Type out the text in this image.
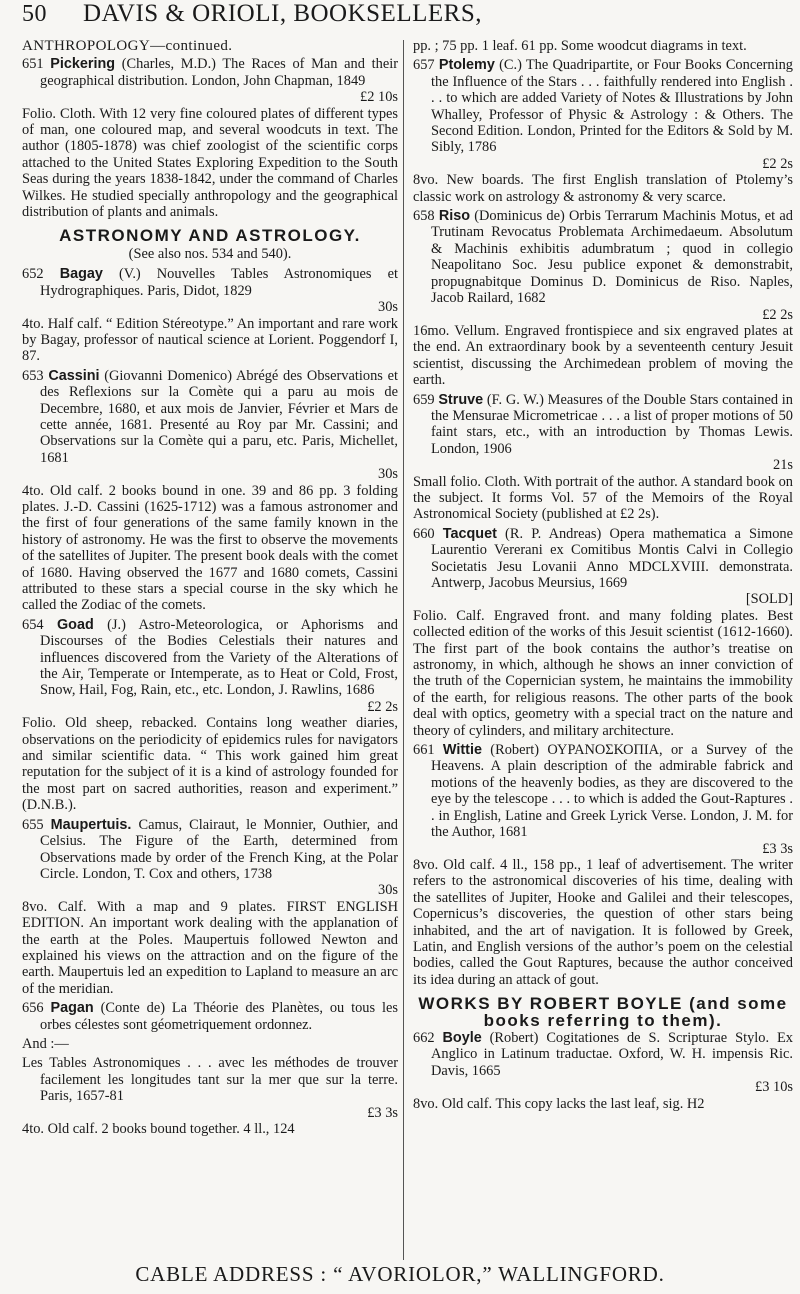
50 DAVIS & ORIOLI, BOOKSELLERS,
ANTHROPOLOGY—continued.
651 Pickering (Charles, M.D.) The Races of Man and their geographical distribution. London, John Chapman, 1849
£2 10s
Folio. Cloth. With 12 very fine coloured plates of different types of man, one coloured map, and several woodcuts in text. The author (1805-1878) was chief zoologist of the scientific corps attached to the United States Exploring Expedition to the South Seas during the years 1838-1842, under the command of Charles Wilkes. He studied specially anthropology and the geographical distribution of plants and animals.
ASTRONOMY AND ASTROLOGY.
(See also nos. 534 and 540).
652 Bagay (V.) Nouvelles Tables Astronomiques et Hydrographiques. Paris, Didot, 1829
30s
4to. Half calf. “ Edition Stéreotype.” An important and rare work by Bagay, professor of nautical science at Lorient. Poggendorf I, 87.
653 Cassini (Giovanni Domenico) Abrégé des Observations et des Reflexions sur la Comète qui a paru au mois de Decembre, 1680, et aux mois de Janvier, Février et Mars de cette année, 1681. Presenté au Roy par Mr. Cassini; and Observations sur la Comète qui a paru, etc. Paris, Michellet, 1681
30s
4to. Old calf. 2 books bound in one. 39 and 86 pp. 3 folding plates. J.-D. Cassini (1625-1712) was a famous astronomer and the first of four generations of the same family known in the history of astronomy. He was the first to observe the movements of the satellites of Jupiter. The present book deals with the comet of 1680. Having observed the 1677 and 1680 comets, Cassini attributed to these stars a special course in the sky which he called the Zodiac of the comets.
654 Goad (J.) Astro-Meteorologica, or Aphorisms and Discourses of the Bodies Celestials their natures and influences discovered from the Variety of the Alterations of the Air, Temperate or Intemperate, as to Heat or Cold, Frost, Snow, Hail, Fog, Rain, etc., etc. London, J. Rawlins, 1686
£2 2s
Folio. Old sheep, rebacked. Contains long weather diaries, observations on the periodicity of epidemics rules for navigators and similar scientific data. “ This work gained him great reputation for the subject of it is a kind of astrology founded for the most part on sacred authorities, reason and experiment.” (D.N.B.).
655 Maupertuis. Camus, Clairaut, le Monnier, Outhier, and Celsius. The Figure of the Earth, determined from Observations made by order of the French King, at the Polar Circle. London, T. Cox and others, 1738
30s
8vo. Calf. With a map and 9 plates. FIRST ENGLISH EDITION. An important work dealing with the applanation of the earth at the Poles. Maupertuis followed Newton and explained his views on the attraction and on the figure of the earth. Maupertuis led an expedition to Lapland to measure an arc of the meridian.
656 Pagan (Conte de) La Théorie des Planètes, ou tous les orbes célestes sont géometriquement ordonnez.
And :—
Les Tables Astronomiques . . . avec les méthodes de trouver facilement les longitudes tant sur la mer que sur la terre. Paris, 1657-81
£3 3s
4to. Old calf. 2 books bound together. 4 ll., 124
pp. ; 75 pp. 1 leaf. 61 pp. Some woodcut diagrams in text.
657 Ptolemy (C.) The Quadripartite, or Four Books Concerning the Influence of the Stars . . . faithfully rendered into English . . . to which are added Variety of Notes & Illustrations by John Whalley, Professor of Physic & Astrology : & Others. The Second Edition. London, Printed for the Editors & Sold by M. Sibly, 1786
£2 2s
8vo. New boards. The first English translation of Ptolemy’s classic work on astrology & astronomy & very scarce.
658 Riso (Dominicus de) Orbis Terrarum Machinis Motus, et ad Trutinam Revocatus Problemata Archimedaeum. Absolutum & Machinis exhibitis adumbratum ; quod in collegio Neapolitano Soc. Jesu publice exponet & demonstrabit, propugnabitque Dominus D. Dominicus de Riso. Naples, Jacob Railard, 1682
£2 2s
16mo. Vellum. Engraved frontispiece and six engraved plates at the end. An extraordinary book by a seventeenth century Jesuit scientist, discussing the Archimedean problem of moving the earth.
659 Struve (F. G. W.) Measures of the Double Stars contained in the Mensurae Micrometricae . . . a list of proper motions of 50 faint stars, etc., with an introduction by Thomas Lewis. London, 1906
21s
Small folio. Cloth. With portrait of the author. A standard book on the subject. It forms Vol. 57 of the Memoirs of the Royal Astronomical Society (published at £2 2s).
660 Tacquet (R. P. Andreas) Opera mathematica a Simone Laurentio Vererani ex Comitibus Montis Calvi in Collegio Societatis Jesu Lovanii Anno MDCLXVIII. demonstrata. Antwerp, Jacobus Meursius, 1669
[SOLD]
Folio. Calf. Engraved front. and many folding plates. Best collected edition of the works of this Jesuit scientist (1612-1660). The first part of the book contains the author’s treatise on astronomy, in which, although he shows an inner conviction of the truth of the Copernician system, he maintains the immobility of the earth, for religious reasons. The other parts of the book deal with optics, geometry with a special tract on the nature and theory of cylinders, and military architecture.
661 Wittie (Robert) ΟΥΡΑΝΟΣΚΟΠΙΑ, or a Survey of the Heavens. A plain description of the admirable fabrick and motions of the heavenly bodies, as they are discovered to the eye by the telescope . . . to which is added the Gout-Raptures . . in English, Latine and Greek Lyrick Verse. London, J. M. for the Author, 1681
£3 3s
8vo. Old calf. 4 ll., 158 pp., 1 leaf of advertisement. The writer refers to the astronomical discoveries of his time, dealing with the satellites of Jupiter, Hooke and Galilei and their telescopes, Copernicus’s discoveries, the question of other stars being inhabited, and the art of navigation. It is followed by Greek, Latin, and English versions of the author’s poem on the celestial bodies, called the Gout Raptures, because the author conceived its idea during an attack of gout.
WORKS BY ROBERT BOYLE (and some books referring to them).
662 Boyle (Robert) Cogitationes de S. Scripturae Stylo. Ex Anglico in Latinum traductae. Oxford, W. H. impensis Ric. Davis, 1665
£3 10s
8vo. Old calf. This copy lacks the last leaf, sig. H2
CABLE ADDRESS : “ AVORIOLOR,” WALLINGFORD.
